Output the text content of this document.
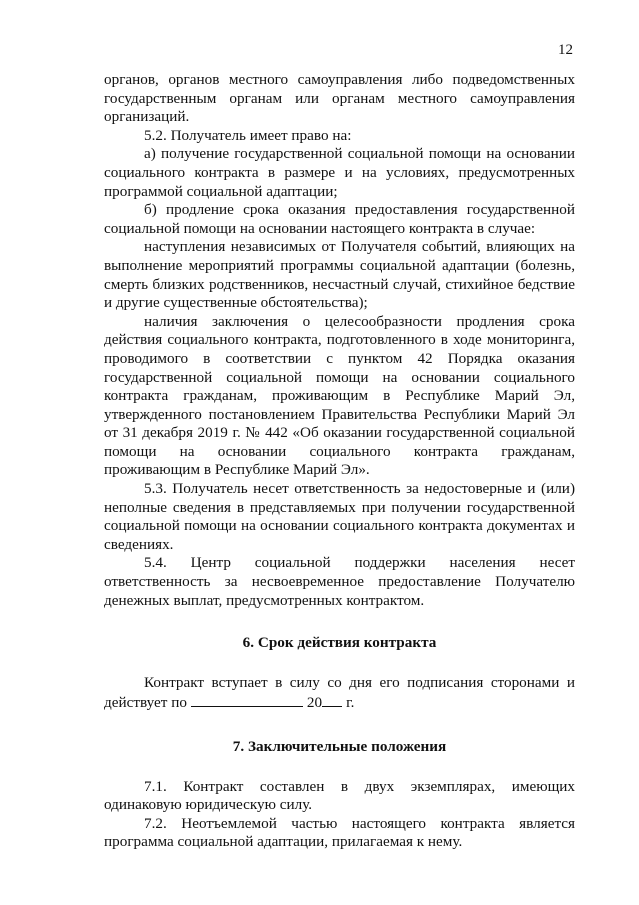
12

органов, органов местного самоуправления либо подведомственных государственным органам или органам местного самоуправления организаций.

5.2. Получатель имеет право на:

а) получение государственной социальной помощи на основании социального контракта в размере и на условиях, предусмотренных программой социальной адаптации;

б) продление срока оказания предоставления государственной социальной помощи на основании настоящего контракта в случае:

наступления независимых от Получателя событий, влияющих на выполнение мероприятий программы социальной адаптации (болезнь, смерть близких родственников, несчастный случай, стихийное бедствие и другие существенные обстоятельства);

наличия заключения о целесообразности продления срока действия социального контракта, подготовленного в ходе мониторинга, проводимого в соответствии с пунктом 42 Порядка оказания государственной социальной помощи на основании социального контракта гражданам, проживающим в Республике Марий Эл, утвержденного постановлением Правительства Республики Марий Эл от 31 декабря 2019 г. № 442 «Об оказании государственной социальной помощи на основании социального контракта гражданам, проживающим в Республике Марий Эл».

5.3. Получатель несет ответственность за недостоверные и (или) неполные сведения в представляемых при получении государственной социальной помощи на основании социального контракта документах и сведениях.

5.4. Центр социальной поддержки населения несет ответственность за несвоевременное предоставление Получателю денежных выплат, предусмотренных контрактом.

6. Срок действия контракта

Контракт вступает в силу со дня его подписания сторонами и действует по	20 г.

7. Заключительные положения

7.1. Контракт составлен в двух экземплярах, имеющих одинаковую юридическую силу.

7.2. Неотъемлемой частью настоящего контракта является программа социальной адаптации, прилагаемая к нему.
